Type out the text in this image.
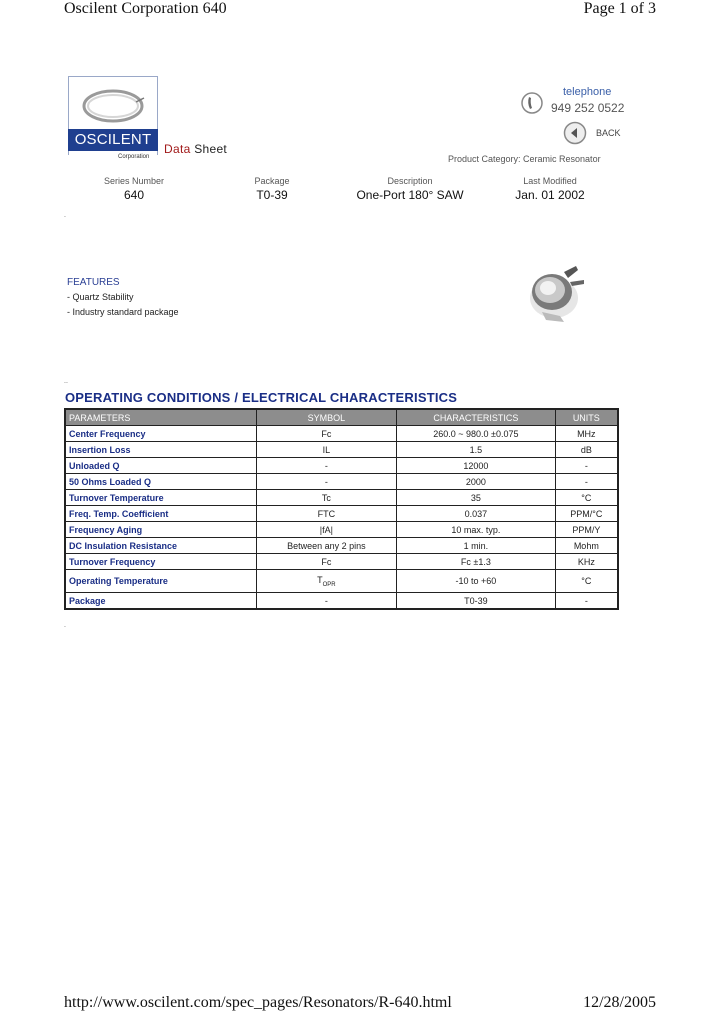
Oscilent Corporation 640	Page 1 of 3
OSCILENT
Corporation
Data Sheet
telephone
949 252 0522
BACK
Product Category: Ceramic Resonator
Series Number
640
Package
T0-39
Description
One-Port 180° SAW
Last Modified
Jan. 01 2002
.
FEATURES
- Quartz Stability
- Industry standard package
..
OPERATING CONDITIONS / ELECTRICAL CHARACTERISTICS
PARAMETERS	SYMBOL	CHARACTERISTICS	UNITS
Center Frequency	Fc	260.0 ~ 980.0 ±0.075	MHz
Insertion Loss	IL	1.5	dB
Unloaded Q	-	12000	-
50 Ohms Loaded Q	-	2000	-
Turnover Temperature	Tc	35	°C
Freq. Temp. Coefficient	FTC	0.037	PPM/°C
Frequency Aging	|fA|	10 max. typ.	PPM/Y
DC Insulation Resistance	Between any 2 pins	1 min.	Mohm
Turnover Frequency	Fc	Fc ±1.3	KHz
Operating Temperature	$T_{OPR}$	-10 to +60	°C
Package	-	T0-39	-
.
http://www.oscilent.com/spec_pages/Resonators/R-640.html	12/28/2005
